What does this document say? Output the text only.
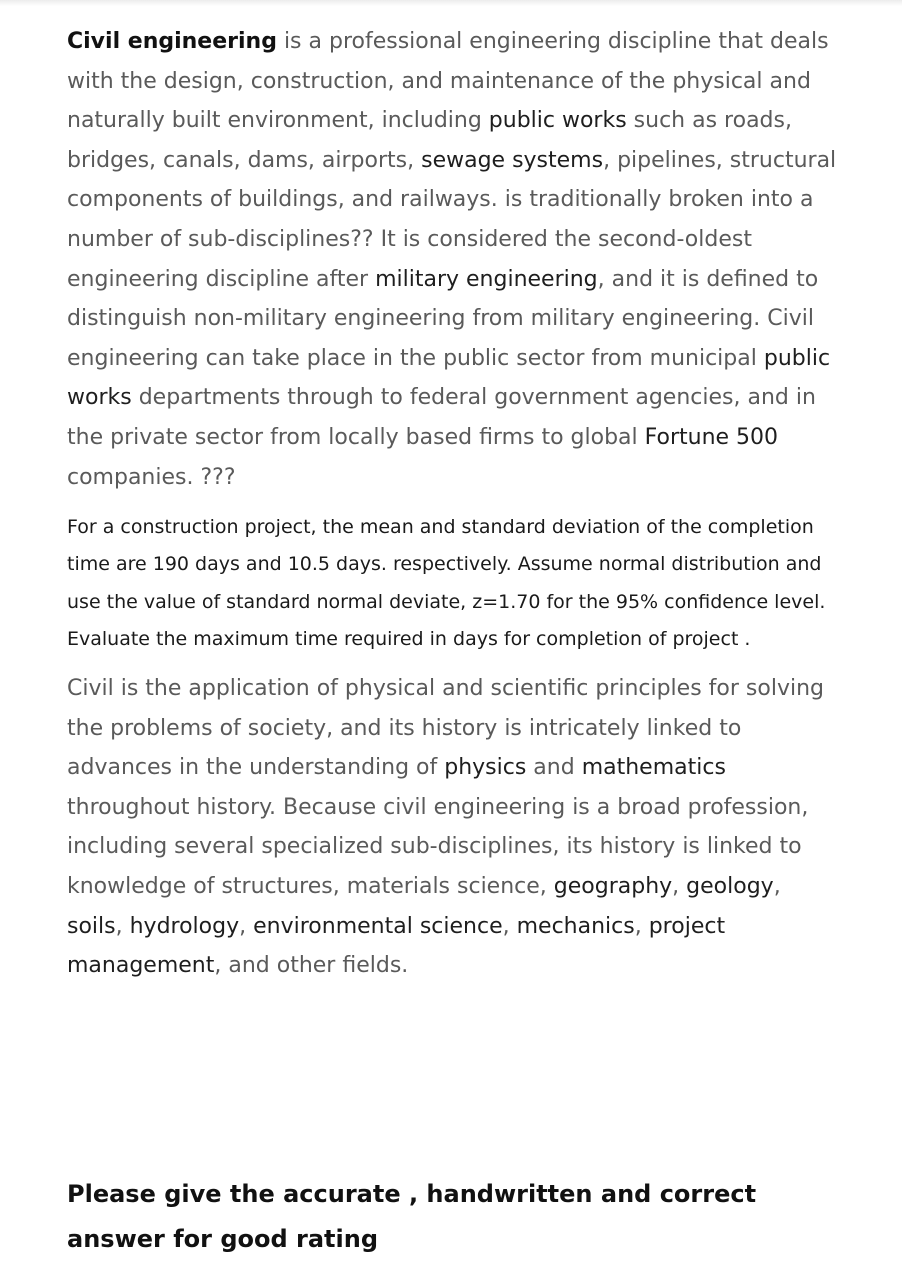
Civil engineering is a professional engineering discipline that deals with the design, construction, and maintenance of the physical and naturally built environment, including public works such as roads, bridges, canals, dams, airports, sewage systems, pipelines, structural components of buildings, and railways. is traditionally broken into a number of sub-disciplines?? It is considered the second-oldest engineering discipline after military engineering, and it is defined to distinguish non-military engineering from military engineering. Civil engineering can take place in the public sector from municipal public works departments through to federal government agencies, and in the private sector from locally based firms to global Fortune 500 companies. ???

For a construction project, the mean and standard deviation of the completion time are 190 days and 10.5 days. respectively. Assume normal distribution and use the value of standard normal deviate, z=1.70 for the 95% confidence level. Evaluate the maximum time required in days for completion of project .

Civil is the application of physical and scientific principles for solving the problems of society, and its history is intricately linked to advances in the understanding of physics and mathematics throughout history. Because civil engineering is a broad profession, including several specialized sub-disciplines, its history is linked to knowledge of structures, materials science, geography, geology, soils, hydrology, environmental science, mechanics, project management, and other fields.

Please give the accurate , handwritten and correct answer for good rating
